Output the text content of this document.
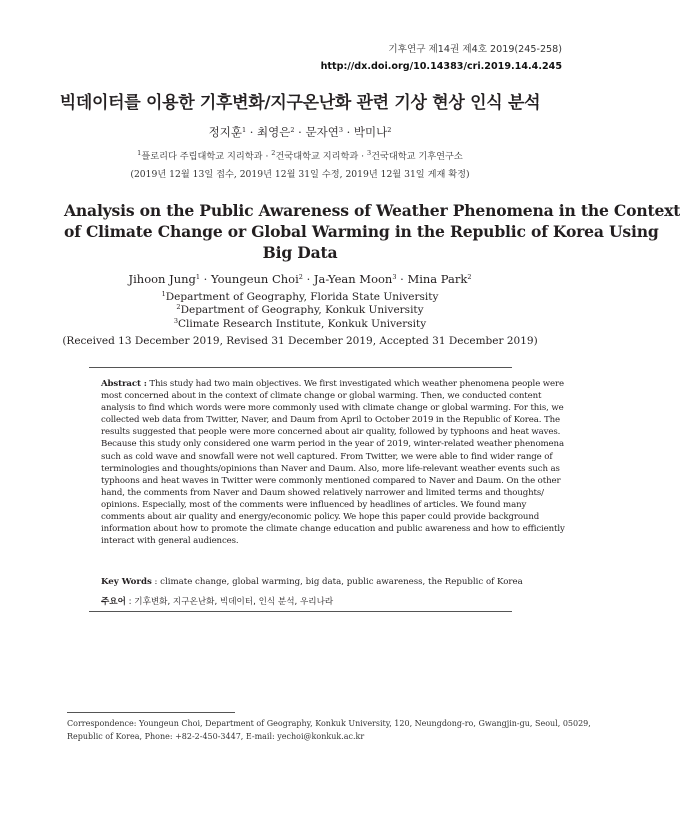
기후연구 제14권 제4호 2019(245-258)
http://dx.doi.org/10.14383/cri.2019.14.4.245
빅데이터를 이용한 기후변화/지구온난화 관련 기상 현상 인식 분석
정지훈$^1$ · 최영은$^2$ · 문자연$^3$ · 박미나$^2$
$^1$플로리다 주립대학교 지리학과 · $^2$건국대학교 지리학과 · $^3$건국대학교 기후연구소
(2019년 12월 13일 접수, 2019년 12월 31일 수정, 2019년 12월 31일 게재 확정)
Analysis on the Public Awareness of Weather Phenomena in the Context
of Climate Change or Global Warming in the Republic of Korea Using
Big Data
Jihoon Jung$^1$ · Youngeun Choi$^2$ · Ja-Yean Moon$^3$ · Mina Park$^2$
$^1$Department of Geography, Florida State University
$^2$Department of Geography, Konkuk University
$^3$Climate Research Institute, Konkuk University
(Received 13 December 2019, Revised 31 December 2019, Accepted 31 December 2019)
Abstract : This study had two main objectives. We first investigated which weather phenomena people were
most concerned about in the context of climate change or global warming. Then, we conducted content
analysis to find which words were more commonly used with climate change or global warming. For this, we
collected web data from Twitter, Naver, and Daum from April to October 2019 in the Republic of Korea. The
results suggested that people were more concerned about air quality, followed by typhoons and heat waves.
Because this study only considered one warm period in the year of 2019, winter-related weather phenomena
such as cold wave and snowfall were not well captured. From Twitter, we were able to find wider range of
terminologies and thoughts/opinions than Naver and Daum. Also, more life-relevant weather events such as
typhoons and heat waves in Twitter were commonly mentioned compared to Naver and Daum. On the other
hand, the comments from Naver and Daum showed relatively narrower and limited terms and thoughts/
opinions. Especially, most of the comments were influenced by headlines of articles. We found many
comments about air quality and energy/economic policy. We hope this paper could provide background
information about how to promote the climate change education and public awareness and how to efficiently
interact with general audiences.
Key Words : climate change, global warming, big data, public awareness, the Republic of Korea
주요어 : 기후변화, 지구온난화, 빅데이터, 인식 분석, 우리나라
Correspondence: Youngeun Choi, Department of Geography, Konkuk University, 120, Neungdong-ro, Gwangjin-gu, Seoul, 05029,
Republic of Korea, Phone: +82-2-450-3447, E-mail: yechoi@konkuk.ac.kr
